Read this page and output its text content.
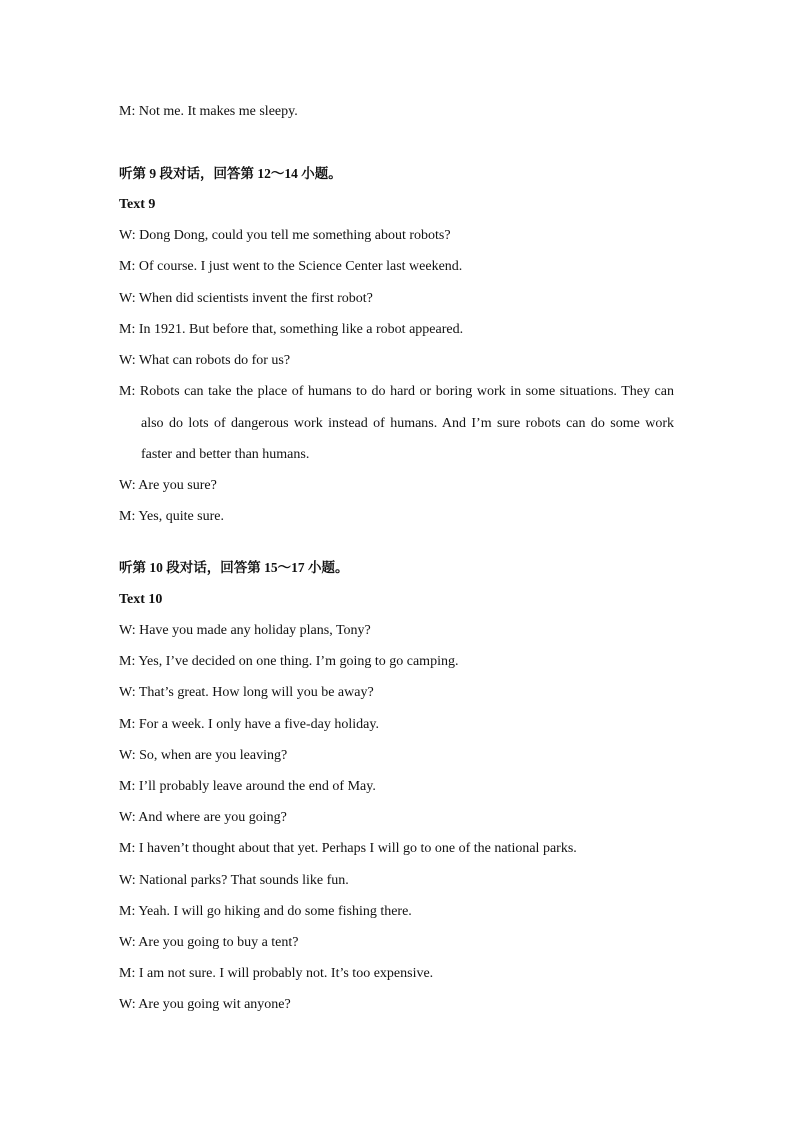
M: Not me. It makes me sleepy.
听第 9 段对话，回答第 12～14 小题。
Text 9
W: Dong Dong, could you tell me something about robots?
M: Of course. I just went to the Science Center last weekend.
W: When did scientists invent the first robot?
M: In 1921. But before that, something like a robot appeared.
W: What can robots do for us?
M: Robots can take the place of humans to do hard or boring work in some situations. They can
also do lots of dangerous work instead of humans. And I’m sure robots can do some work
faster and better than humans.
W: Are you sure?
M: Yes, quite sure.
听第 10 段对话，回答第 15～17 小题。
Text 10
W: Have you made any holiday plans, Tony?
M: Yes, I’ve decided on one thing. I’m going to go camping.
W: That’s great. How long will you be away?
M: For a week. I only have a five-day holiday.
W: So, when are you leaving?
M: I’ll probably leave around the end of May.
W: And where are you going?
M: I haven’t thought about that yet. Perhaps I will go to one of the national parks.
W: National parks? That sounds like fun.
M: Yeah. I will go hiking and do some fishing there.
W: Are you going to buy a tent?
M: I am not sure. I will probably not. It’s too expensive.
W: Are you going wit anyone?
